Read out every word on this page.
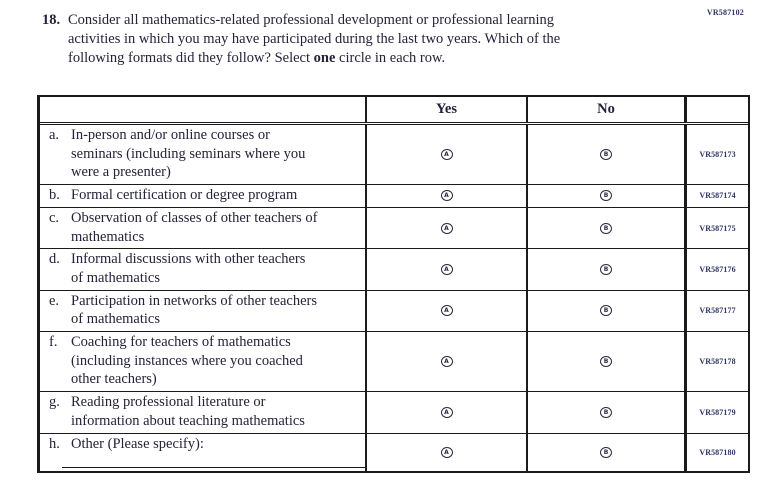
VR587102
18. Consider all mathematics-related professional development or professional learning
activities in which you may have participated during the last two years. Which of the
following formats did they follow? Select one circle in each row.
Yes	No
a. In-person and/or online courses or
seminars (including seminars where you
were a presenter)
A	B	VR587173
b. Formal certification or degree program	A	B	VR587174
c. Observation of classes of other teachers of
mathematics
A	B	VR587175
d. Informal discussions with other teachers
of mathematics
A	B	VR587176
e. Participation in networks of other teachers
of mathematics
A	B	VR587177
f. Coaching for teachers of mathematics
(including instances where you coached
other teachers)
A	B	VR587178
g. Reading professional literature or
information about teaching mathematics
A	B	VR587179
h. Other (Please specify):
A	B	VR587180
